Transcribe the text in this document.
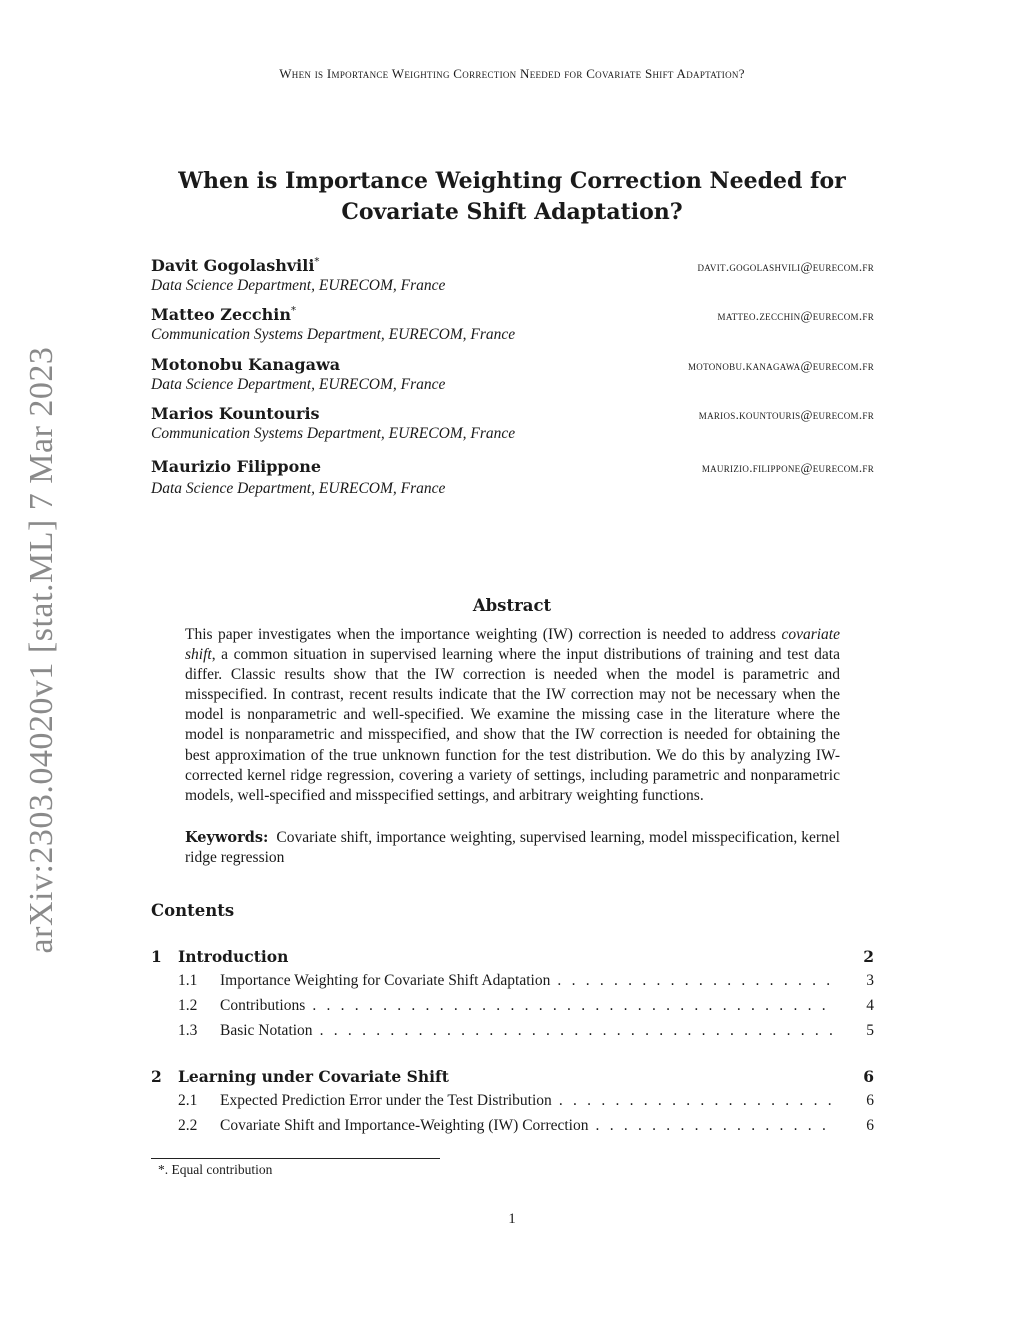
arXiv:2303.04020v1 [stat.ML] 7 Mar 2023
When is Importance Weighting Correction Needed for Covariate Shift Adaptation?
When is Importance Weighting Correction Needed for
Covariate Shift Adaptation?
Davit Gogolashvili*	davit.gogolashvili@eurecom.fr
Data Science Department, EURECOM, France
Matteo Zecchin*	matteo.zecchin@eurecom.fr
Communication Systems Department, EURECOM, France
Motonobu Kanagawa	motonobu.kanagawa@eurecom.fr
Data Science Department, EURECOM, France
Marios Kountouris	marios.kountouris@eurecom.fr
Communication Systems Department, EURECOM, France
Maurizio Filippone	maurizio.filippone@eurecom.fr
Data Science Department, EURECOM, France
Abstract
This paper investigates when the importance weighting (IW) correction is needed to address covariate shift, a common situation in supervised learning where the input distributions of training and test data differ. Classic results show that the IW correction is needed when the model is parametric and misspecified. In contrast, recent results indicate that the IW correction may not be necessary when the model is nonparametric and well-specified. We examine the missing case in the literature where the model is nonparametric and misspecified, and show that the IW correction is needed for obtaining the best approximation of the true unknown function for the test distribution. We do this by analyzing IW-corrected kernel ridge regression, covering a variety of settings, including parametric and nonparametric models, well-specified and misspecified settings, and arbitrary weighting functions.
Keywords: Covariate shift, importance weighting, supervised learning, model misspecification, kernel ridge regression
Contents
1 Introduction	2
1.1 Importance Weighting for Covariate Shift Adaptation . . .	3
1.2 Contributions . . .	4
1.3 Basic Notation . . .	5
2 Learning under Covariate Shift	6
2.1 Expected Prediction Error under the Test Distribution . . .	6
2.2 Covariate Shift and Importance-Weighting (IW) Correction . . .	6
*. Equal contribution
1
